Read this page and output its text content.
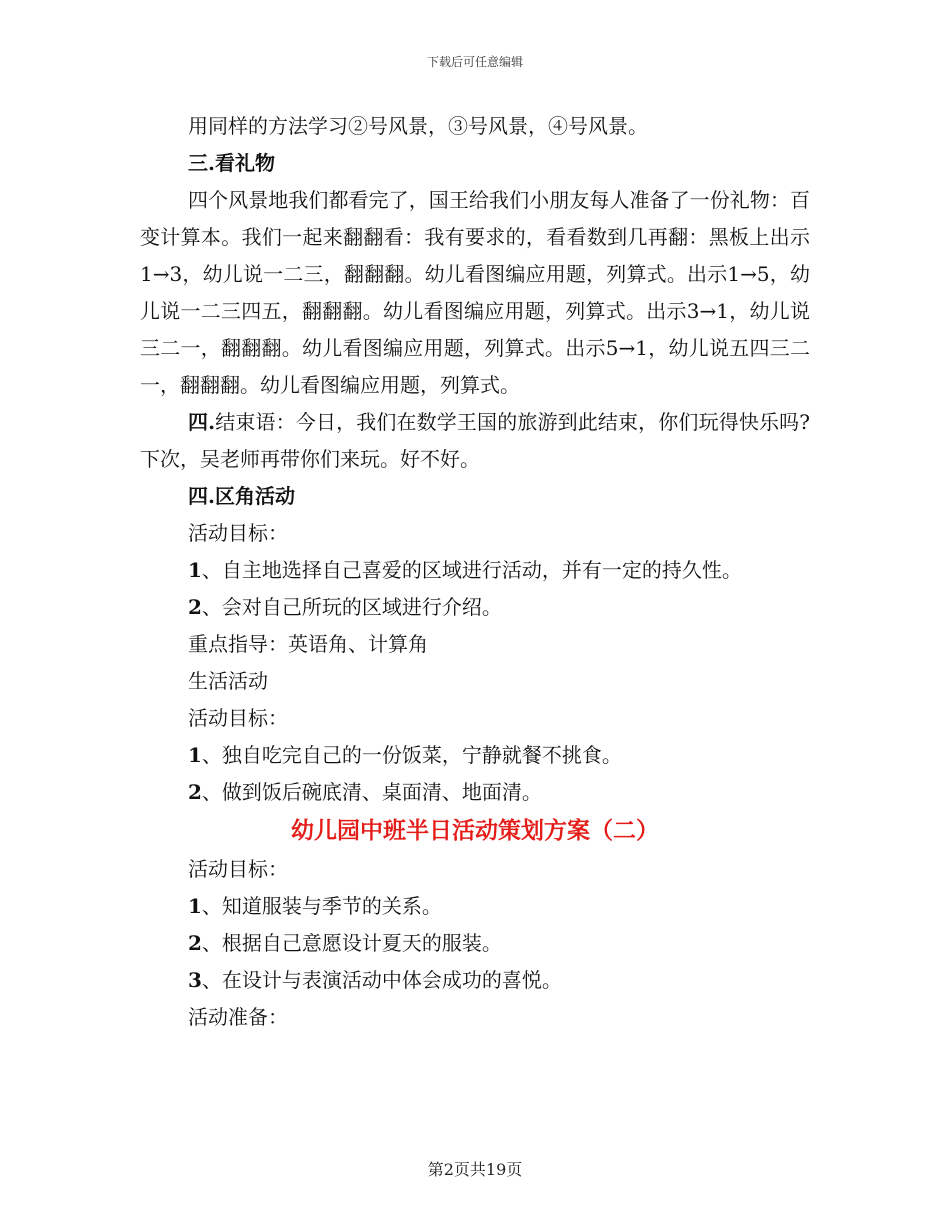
下载后可任意编辑

用同样的方法学习②号风景，③号风景，④号风景。

三.看礼物

四个风景地我们都看完了，国王给我们小朋友每人准备了一份礼物：百变计算本。我们一起来翻翻看：我有要求的，看看数到几再翻：黑板上出示1→3，幼儿说一二三，翻翻翻。幼儿看图编应用题，列算式。出示1→5，幼儿说一二三四五，翻翻翻。幼儿看图编应用题，列算式。出示3→1，幼儿说三二一，翻翻翻。幼儿看图编应用题，列算式。出示5→1，幼儿说五四三二一，翻翻翻。幼儿看图编应用题，列算式。

四.结束语：今日，我们在数学王国的旅游到此结束，你们玩得快乐吗?下次，吴老师再带你们来玩。好不好。

四.区角活动

活动目标：

1、自主地选择自己喜爱的区域进行活动，并有一定的持久性。

2、会对自己所玩的区域进行介绍。

重点指导：英语角、计算角

生活活动

活动目标：

1、独自吃完自己的一份饭菜，宁静就餐不挑食。

2、做到饭后碗底清、桌面清、地面清。

幼儿园中班半日活动策划方案（二）

活动目标：

1、知道服装与季节的关系。

2、根据自己意愿设计夏天的服装。

3、在设计与表演活动中体会成功的喜悦。

活动准备：

第2页共19页
